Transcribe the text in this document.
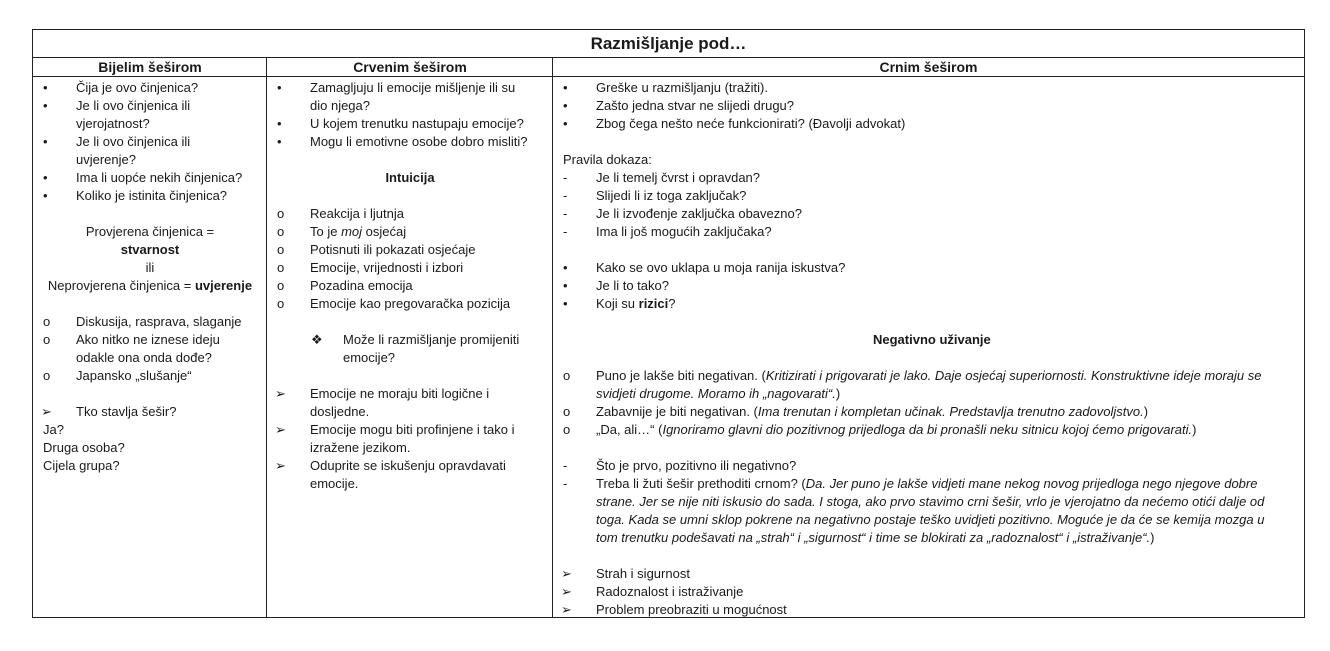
Razmišljanje pod…
Bijelim šeširom	Crvenim šeširom	Crnim šeširom
• Čija je ovo činjenica?
• Je li ovo činjenica ili
vjerojatnost?
• Je li ovo činjenica ili
uvjerenje?
• Ima li uopće nekih činjenica?
• Koliko je istinita činjenica?
Provjerena činjenica =
stvarnost
ili
Neprovjerena činjenica = uvjerenje
o Diskusija, rasprava, slaganje
o Ako nitko ne iznese ideju
odakle ona onda dođe?
o Japansko „slušanje“
➢ Tko stavlja šešir?
Ja?
Druga osoba?
Cijela grupa?
• Zamagljuju li emocije mišljenje ili su
dio njega?
• U kojem trenutku nastupaju emocije?
• Mogu li emotivne osobe dobro misliti?
Intuicija
o Reakcija i ljutnja
o To je moj osjećaj
o Potisnuti ili pokazati osjećaje
o Emocije, vrijednosti i izbori
o Pozadina emocija
o Emocije kao pregovaračka pozicija
❖ Može li razmišljanje promijeniti
emocije?
➢ Emocije ne moraju biti logične i
dosljedne.
➢ Emocije mogu biti profinjene i tako i
izražene jezikom.
➢ Oduprite se iskušenju opravdavati
emocije.
• Greške u razmišljanju (tražiti).
• Zašto jedna stvar ne slijedi drugu?
• Zbog čega nešto neće funkcionirati? (Đavolji advokat)
Pravila dokaza:
- Je li temelj čvrst i opravdan?
- Slijedi li iz toga zaključak?
- Je li izvođenje zaključka obavezno?
- Ima li još mogućih zaključaka?
• Kako se ovo uklapa u moja ranija iskustva?
• Je li to tako?
• Koji su rizici?
Negativno uživanje
o Puno je lakše biti negativan. (Kritizirati i prigovarati je lako. Daje osjećaj superiornosti. Konstruktivne ideje moraju se
svidjeti drugome. Moramo ih „nagovarati“.)
o Zabavnije je biti negativan. (Ima trenutan i kompletan učinak. Predstavlja trenutno zadovoljstvo.)
o „Da, ali…“ (Ignoriramo glavni dio pozitivnog prijedloga da bi pronašli neku sitnicu kojoj ćemo prigovarati.)
- Što je prvo, pozitivno ili negativno?
- Treba li žuti šešir prethoditi crnom? (Da. Jer puno je lakše vidjeti mane nekog novog prijedloga nego njegove dobre
strane. Jer se nije niti iskusio do sada. I stoga, ako prvo stavimo crni šešir, vrlo je vjerojatno da nećemo otići dalje od
toga. Kada se umni sklop pokrene na negativno postaje teško uvidjeti pozitivno. Moguće je da će se kemija mozga u
tom trenutku podešavati na „strah“ i „sigurnost“ i time se blokirati za „radoznalost“ i „istraživanje“.)
➢ Strah i sigurnost
➢ Radoznalost i istraživanje
➢ Problem preobraziti u mogućnost
